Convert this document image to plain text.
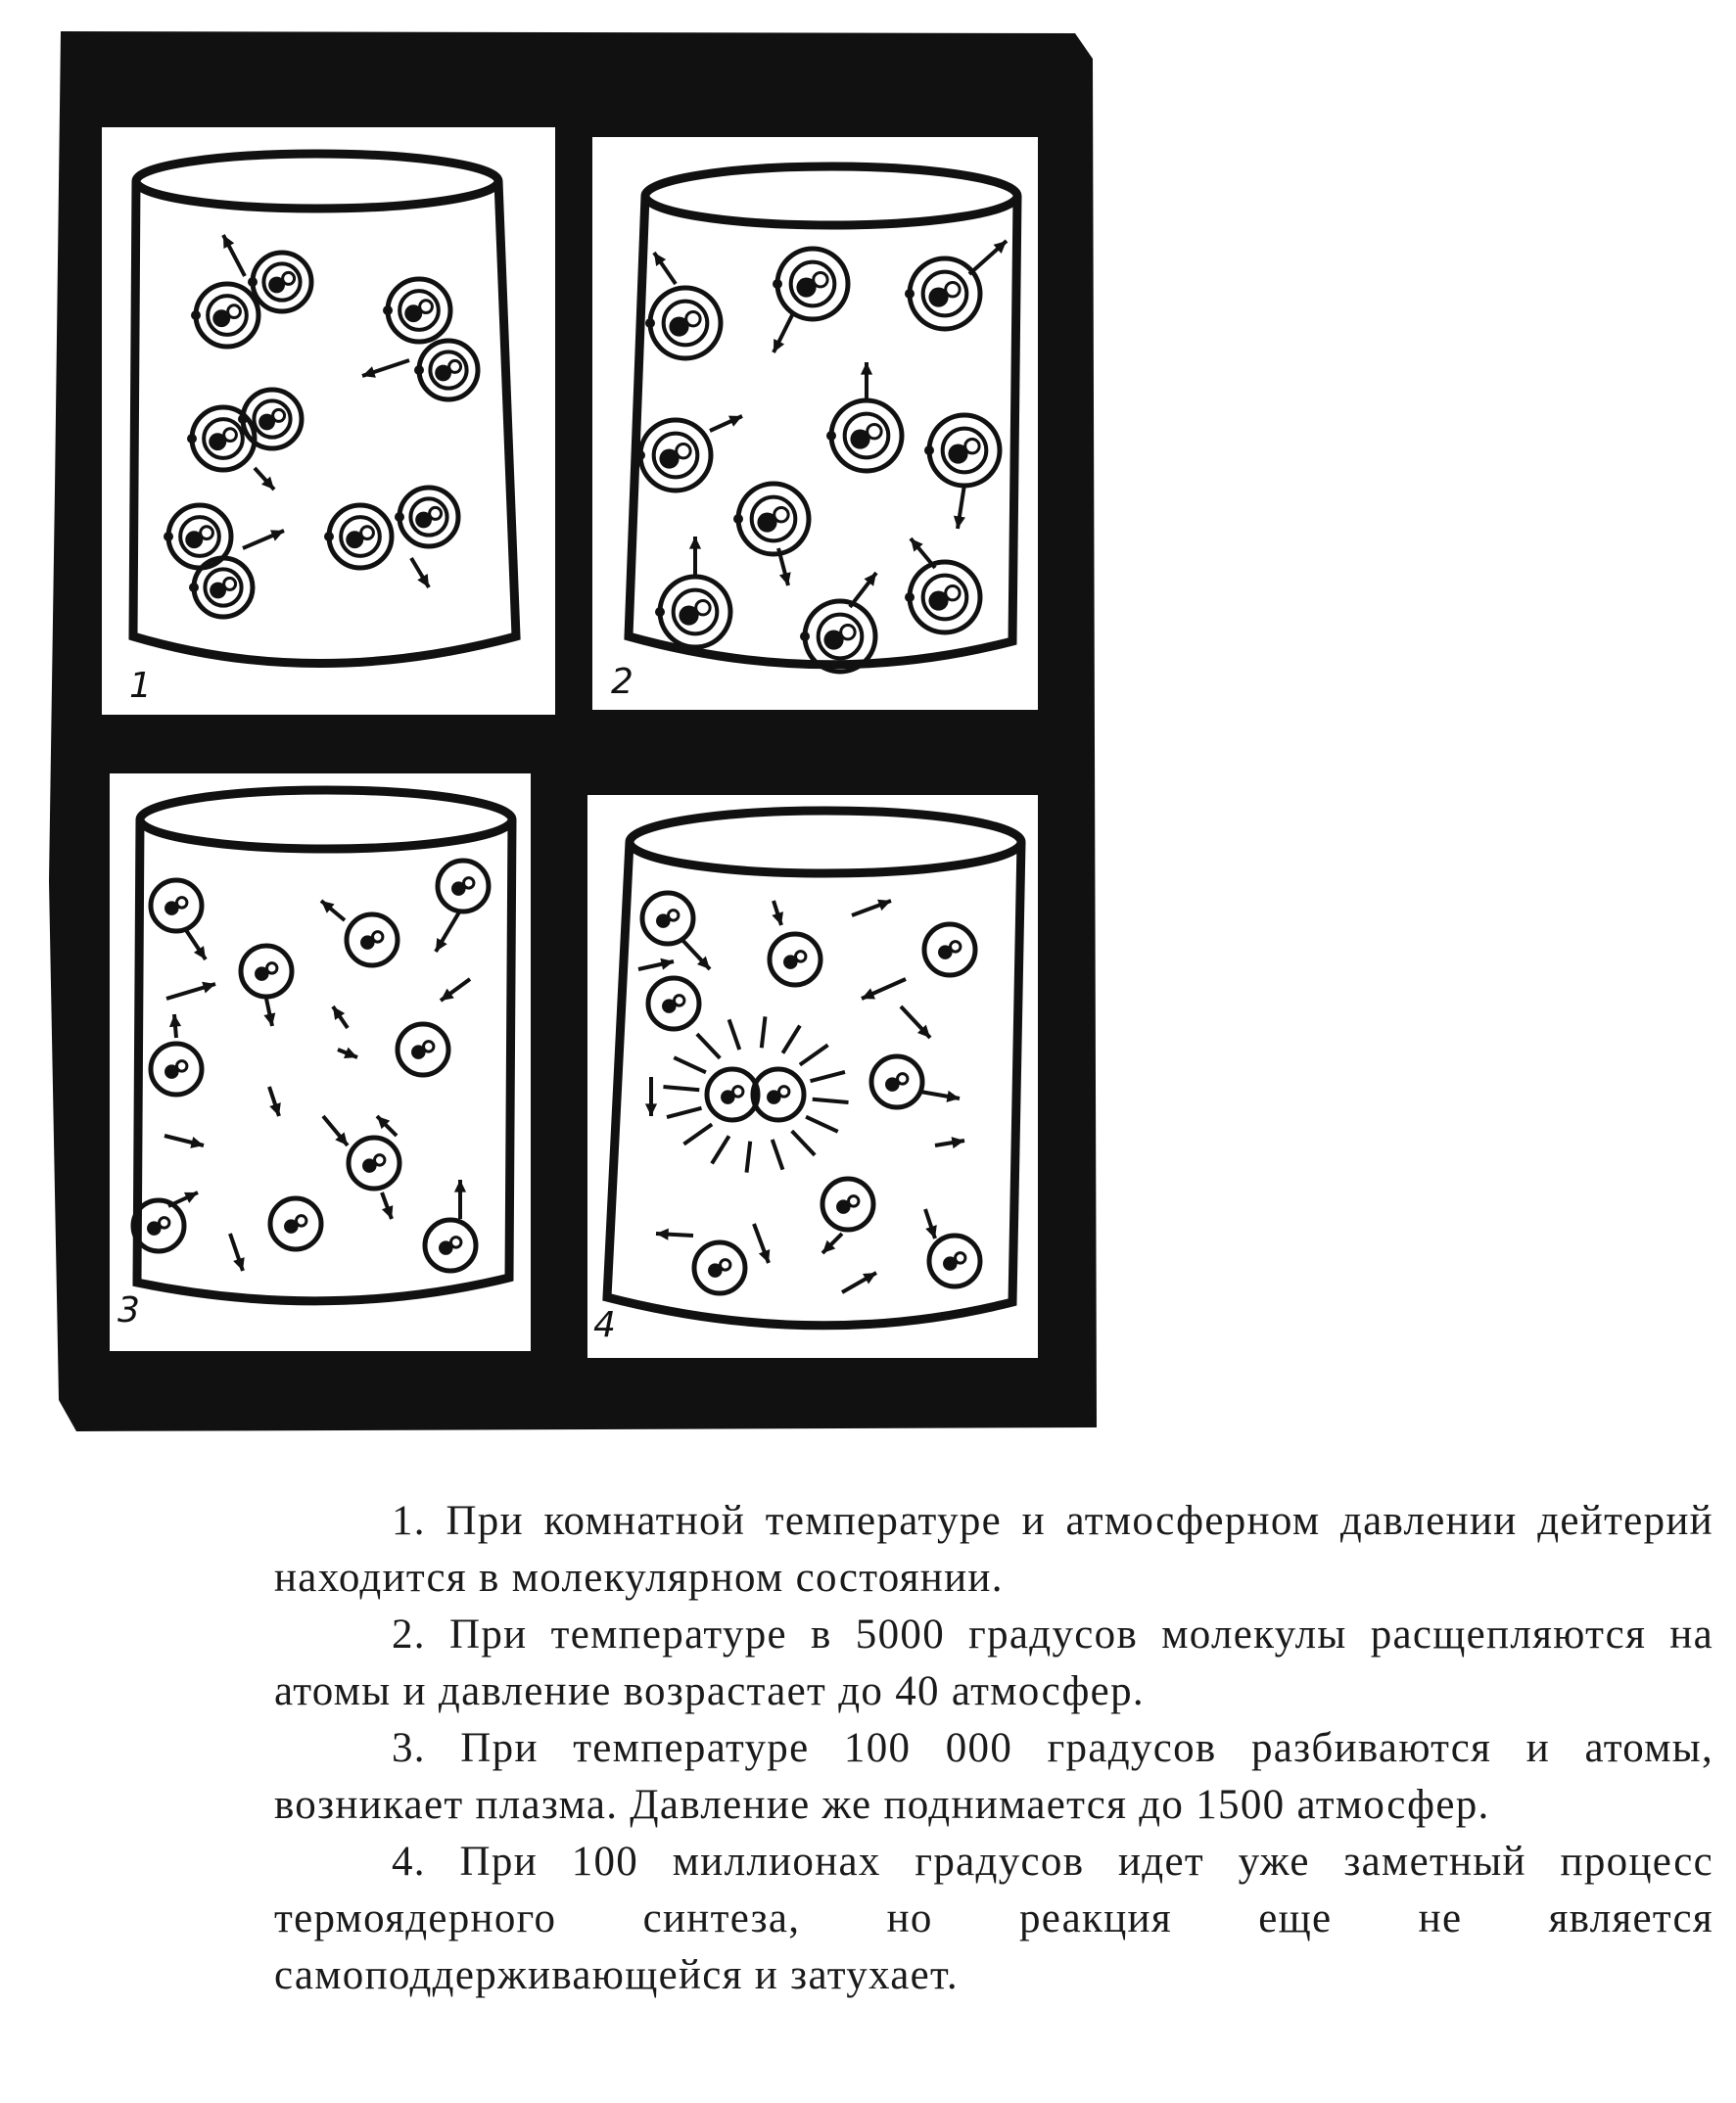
1	2
3	4

1. При комнатной температуре и атмосферном давлении дейтерий находится в молекулярном состоянии.

2. При температуре в 5000 градусов молекулы расщепляются на атомы и давление возрастает до 40 атмосфер.

3. При температуре 100 000 градусов разбиваются и атомы, возникает плазма. Давление же поднимается до 1500 атмосфер.

4. При 100 миллионах градусов идет уже заметный процесс термоядерного синтеза, но реакция еще не является самоподдерживающейся и затухает.
